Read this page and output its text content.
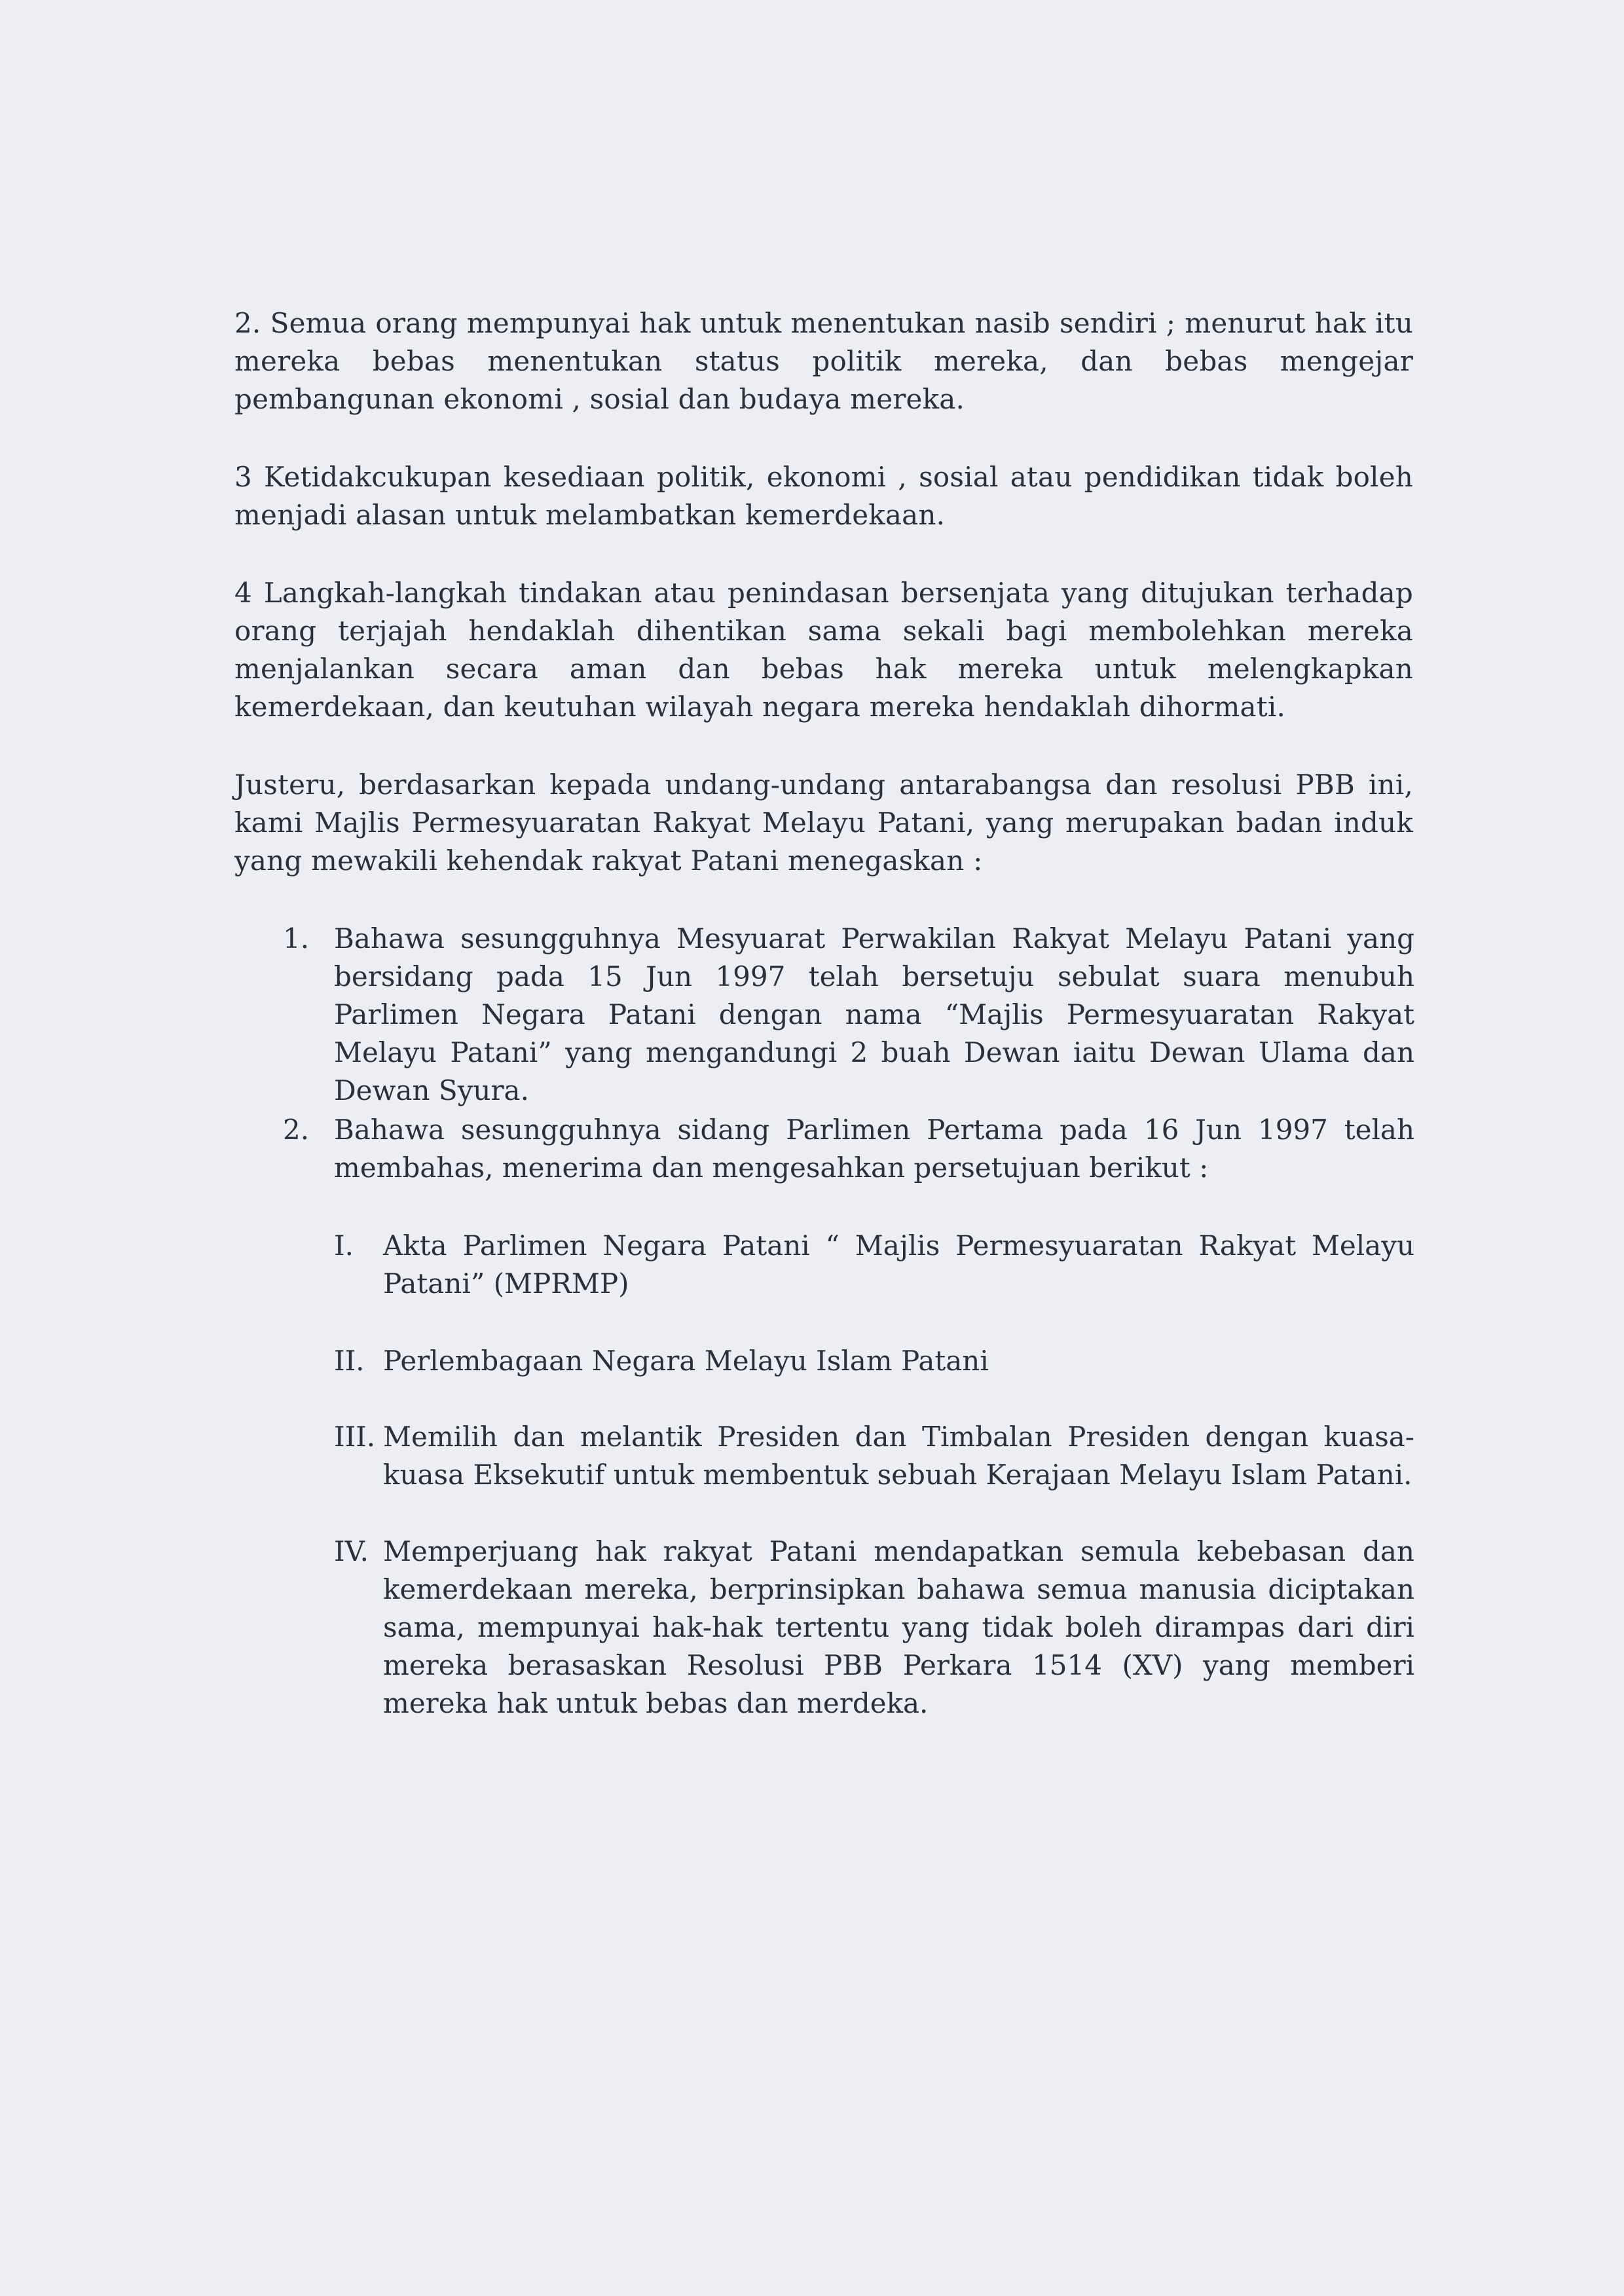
2. Semua orang mempunyai hak untuk menentukan nasib sendiri ; menurut hak itu mereka bebas menentukan status politik mereka, dan bebas mengejar pembangunan ekonomi , sosial dan budaya mereka.
3 Ketidakcukupan kesediaan politik, ekonomi , sosial atau pendidikan tidak boleh menjadi alasan untuk melambatkan kemerdekaan.
4 Langkah-langkah tindakan atau penindasan bersenjata yang ditujukan terhadap orang terjajah hendaklah dihentikan sama sekali bagi membolehkan mereka menjalankan secara aman dan bebas hak mereka untuk melengkapkan kemerdekaan, dan keutuhan wilayah negara mereka hendaklah dihormati.
Justeru, berdasarkan kepada undang-undang antarabangsa dan resolusi PBB ini, kami Majlis Permesyuaratan Rakyat Melayu Patani, yang merupakan badan induk yang mewakili kehendak rakyat Patani menegaskan :
1. Bahawa sesungguhnya Mesyuarat Perwakilan Rakyat Melayu Patani yang bersidang pada 15 Jun 1997 telah bersetuju sebulat suara menubuh Parlimen Negara Patani dengan nama “Majlis Permesyuaratan Rakyat Melayu Patani” yang mengandungi 2 buah Dewan iaitu Dewan Ulama dan Dewan Syura.
2. Bahawa sesungguhnya sidang Parlimen Pertama pada 16 Jun 1997 telah membahas, menerima dan mengesahkan persetujuan berikut :
I. Akta Parlimen Negara Patani “ Majlis Permesyuaratan Rakyat Melayu Patani” (MPRMP)
II. Perlembagaan Negara Melayu Islam Patani
III. Memilih dan melantik Presiden dan Timbalan Presiden dengan kuasa-kuasa Eksekutif untuk membentuk sebuah Kerajaan Melayu Islam Patani.
IV. Memperjuang hak rakyat Patani mendapatkan semula kebebasan dan kemerdekaan mereka, berprinsipkan bahawa semua manusia diciptakan sama, mempunyai hak-hak tertentu yang tidak boleh dirampas dari diri mereka berasaskan Resolusi PBB Perkara 1514 (XV) yang memberi mereka hak untuk bebas dan merdeka.
